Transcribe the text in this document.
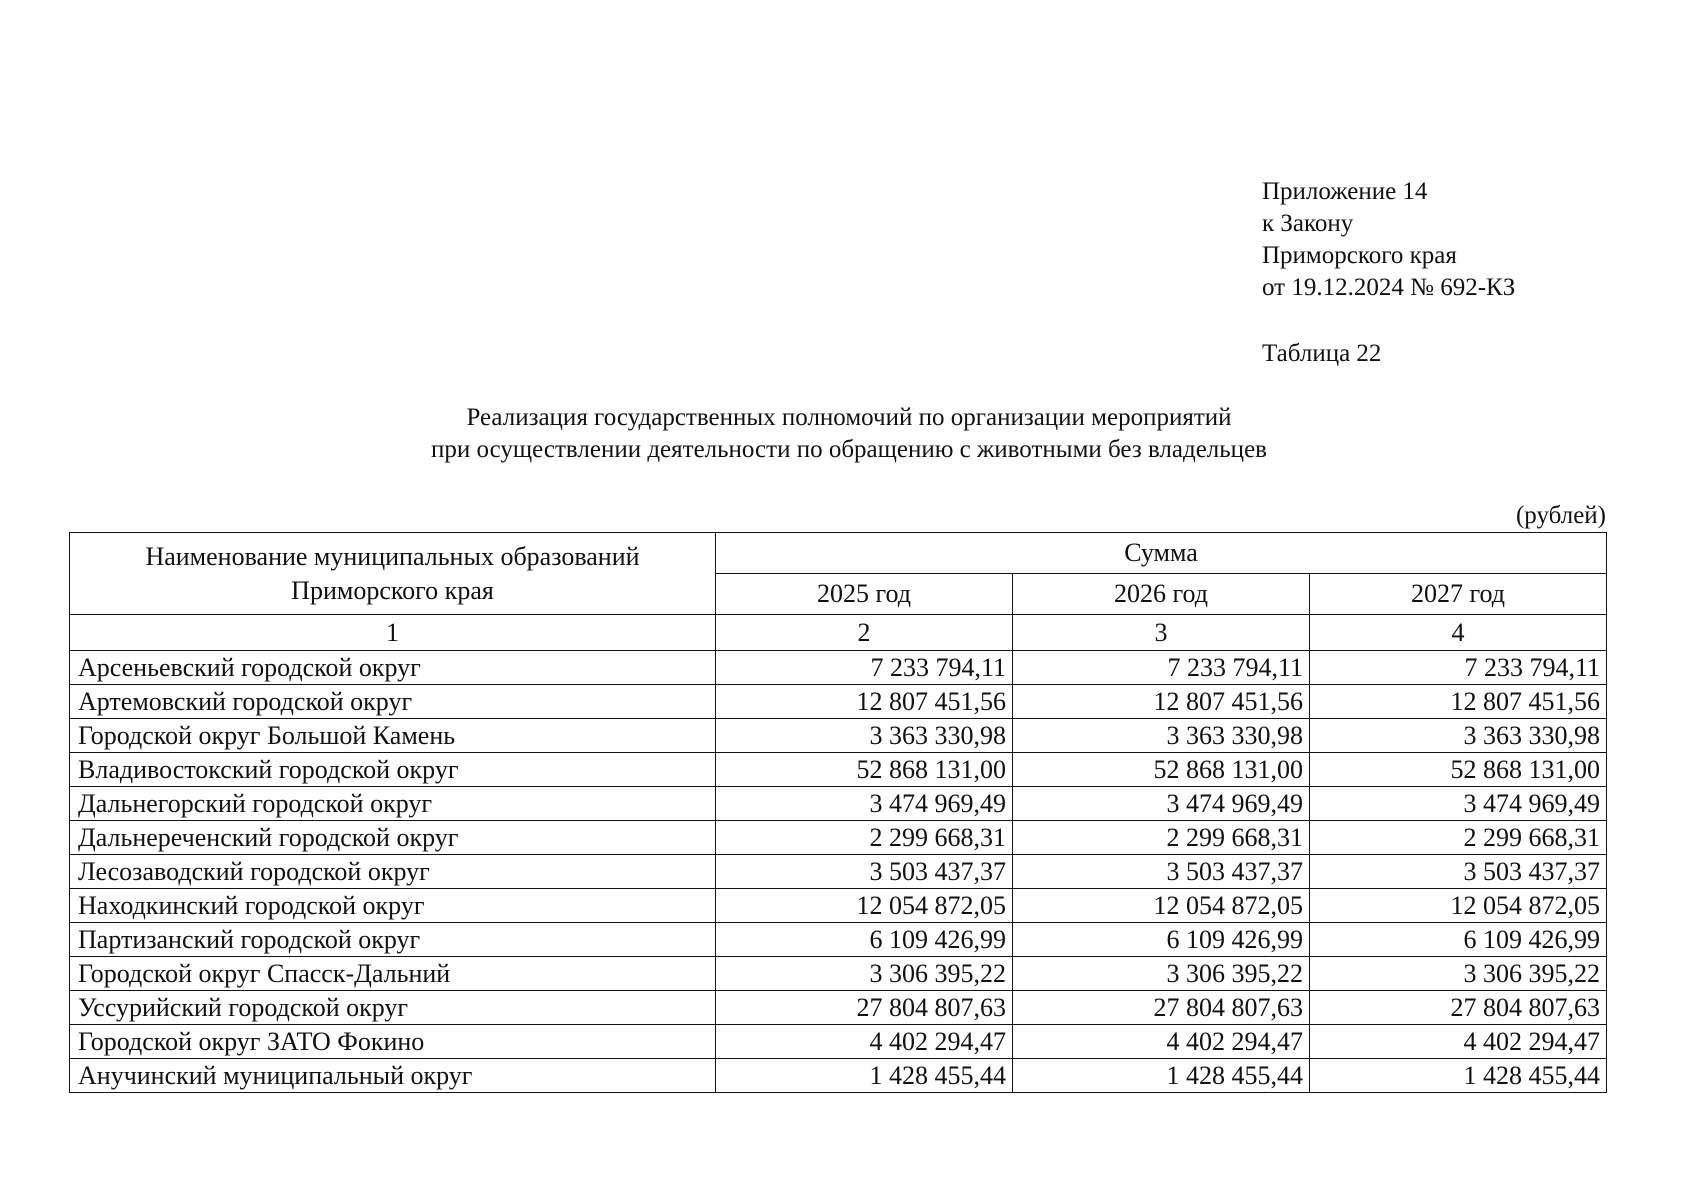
Приложение 14
к Закону
Приморского края
от 19.12.2024 № 692-КЗ
Таблица 22
Реализация государственных полномочий по организации мероприятий
при осуществлении деятельности по обращению с животными без владельцев
(рублей)
Наименование муниципальных образований Приморского края	Сумма		
	2025 год	2026 год	2027 год
1	2	3	4
Арсеньевский городской округ	7 233 794,11	7 233 794,11	7 233 794,11
Артемовский городской округ	12 807 451,56	12 807 451,56	12 807 451,56
Городской округ Большой Камень	3 363 330,98	3 363 330,98	3 363 330,98
Владивостокский городской округ	52 868 131,00	52 868 131,00	52 868 131,00
Дальнегорский городской округ	3 474 969,49	3 474 969,49	3 474 969,49
Дальнереченский городской округ	2 299 668,31	2 299 668,31	2 299 668,31
Лесозаводский городской округ	3 503 437,37	3 503 437,37	3 503 437,37
Находкинский городской округ	12 054 872,05	12 054 872,05	12 054 872,05
Партизанский городской округ	6 109 426,99	6 109 426,99	6 109 426,99
Городской округ Спасск-Дальний	3 306 395,22	3 306 395,22	3 306 395,22
Уссурийский городской округ	27 804 807,63	27 804 807,63	27 804 807,63
Городской округ ЗАТО Фокино	4 402 294,47	4 402 294,47	4 402 294,47
Анучинский муниципальный округ	1 428 455,44	1 428 455,44	1 428 455,44
